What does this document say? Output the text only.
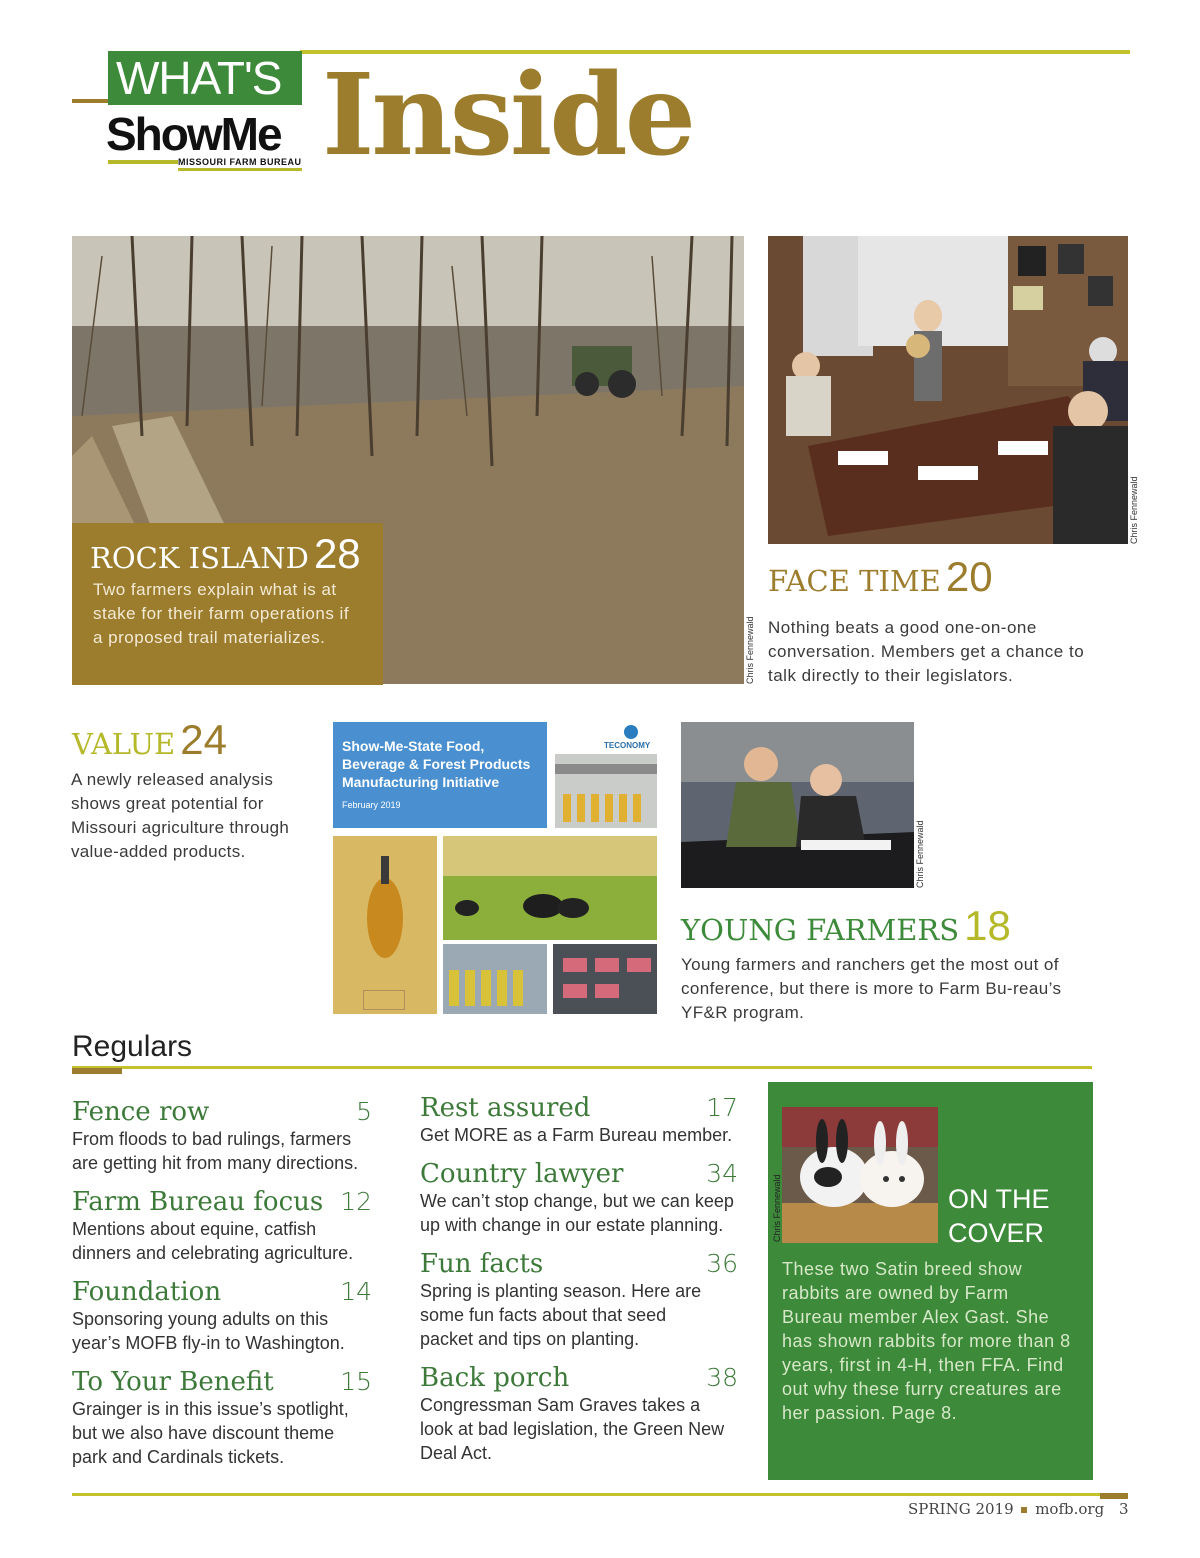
WHAT'S
ShowMe
MISSOURI FARM BUREAU Inside
ROCK ISLAND 28
Two farmers explain what is at stake for their farm operations if a proposed trail materializes.	Chris Fennewald
Chris Fennewald
FACE TIME 20
Nothing beats a good one-on-one conversation. Members get a chance to talk directly to their legislators.
VALUE 24
A newly released analysis shows great potential for Missouri agriculture through value-added products.
Show-Me-State Food,
Beverage & Forest Products
Manufacturing Initiative
February 2019
TECONOMY
Chris Fennewald
YOUNG FARMERS 18
Young farmers and ranchers get the most out of conference, but there is more to Farm Bu-reau’s YF&R program.
Regulars
Fence row	5
From floods to bad rulings, farmers are getting hit from many directions.
Farm Bureau focus 12
Mentions about equine, catfish dinners and celebrating agriculture.
Foundation	14
Sponsoring young adults on this year’s MOFB fly-in to Washington.
To Your Benefit	15
Grainger is in this issue’s spotlight, but we also have discount theme park and Cardinals tickets.
Rest assured	17
Get MORE as a Farm Bureau member.
Country lawyer	34
We can’t stop change, but we can keep up with change in our estate planning.
Fun facts	36
Spring is planting season. Here are some fun facts about that seed packet and tips on planting.
Back porch	38
Congressman Sam Graves takes a look at bad legislation, the Green New Deal Act.
Chris Fennewald	ON THE
COVER
These two Satin breed show rabbits are owned by Farm Bureau member Alex Gast. She has shown rabbits for more than 8 years, first in 4-H, then FFA. Find out why these furry creatures are her passion. Page 8.
SPRING 2019 mofb.org 3
